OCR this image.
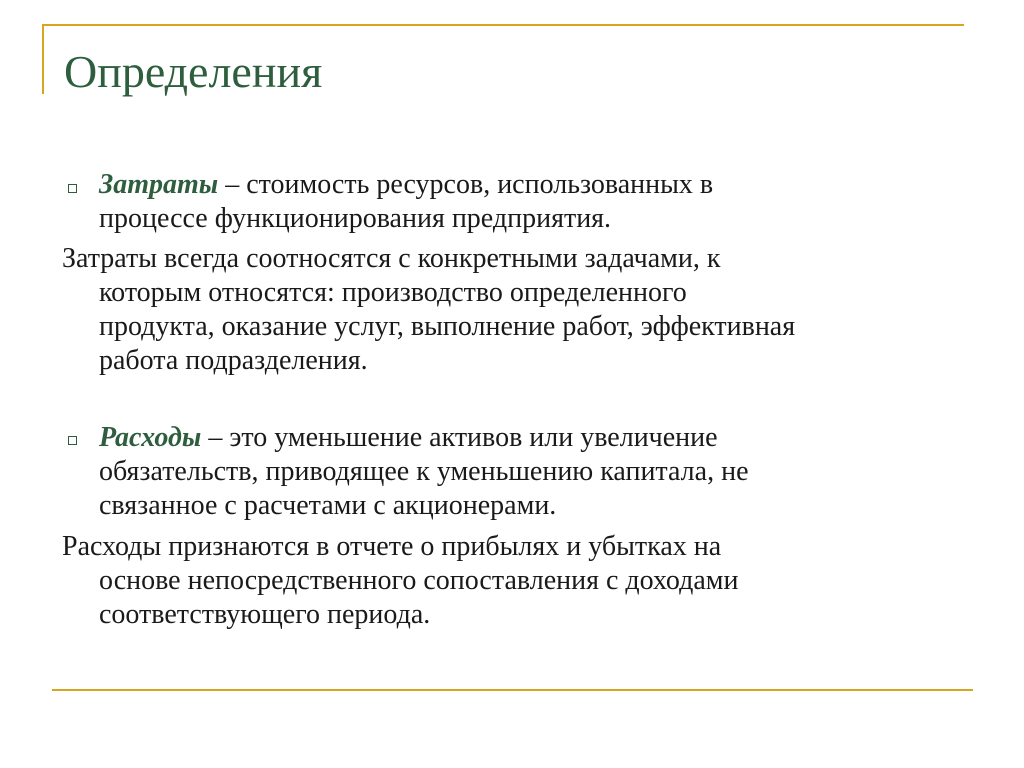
Определения
Затраты – стоимость ресурсов, использованных в
процессе функционирования предприятия.
Затраты всегда соотносятся с конкретными задачами, к
которым относятся: производство определенного
продукта, оказание услуг, выполнение работ, эффективная
работа подразделения.
Расходы – это уменьшение активов или увеличение
обязательств, приводящее к уменьшению капитала, не
связанное с расчетами с акционерами.
Расходы признаются в отчете о прибылях и убытках на
основе непосредственного сопоставления с доходами
соответствующего периода.
